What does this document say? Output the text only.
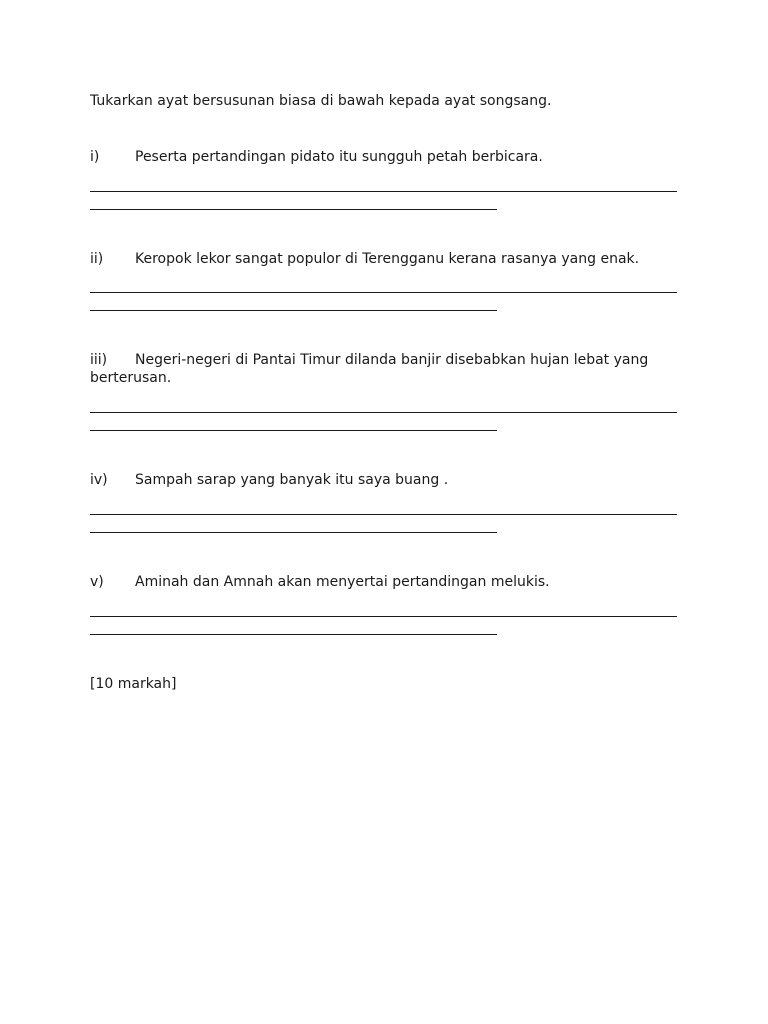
Tukarkan ayat bersusunan biasa di bawah kepada ayat songsang.

i)	Peserta pertandingan pidato itu sungguh petah berbicara.

ii) Keropok lekor sangat populor di Terengganu kerana rasanya yang enak.

iii) Negeri-negeri di Pantai Timur dilanda banjir disebabkan hujan lebat yang berterusan.

iv) Sampah sarap yang banyak itu saya buang .

v) Aminah dan Amnah akan menyertai pertandingan melukis.

[10 markah]
